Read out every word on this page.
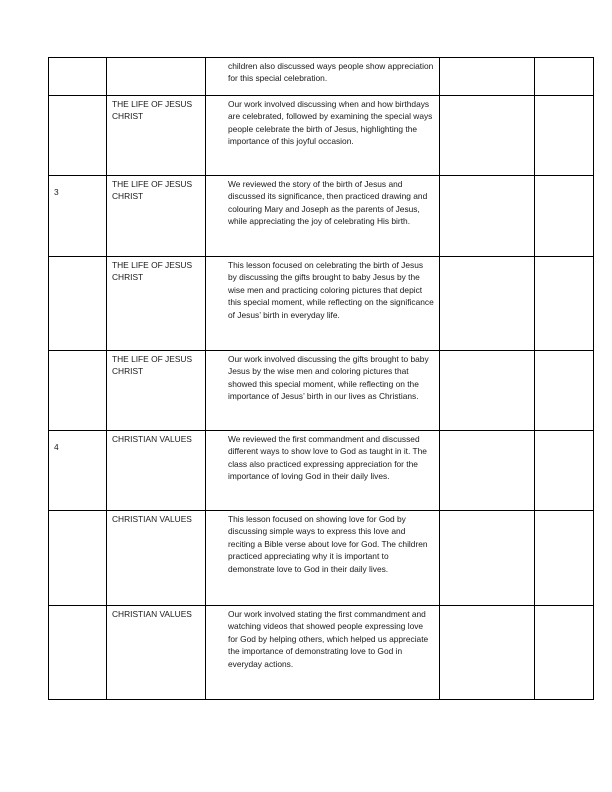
		children also discussed ways people show appreciation for this special celebration.		

	THE LIFE OF JESUS CHRIST	Our work involved discussing when and how birthdays are celebrated, followed by examining the special ways people celebrate the birth of Jesus, highlighting the importance of this joyful occasion.		

3	THE LIFE OF JESUS CHRIST	We reviewed the story of the birth of Jesus and discussed its significance, then practiced drawing and colouring Mary and Joseph as the parents of Jesus, while appreciating the joy of celebrating His birth.		

	THE LIFE OF JESUS CHRIST	This lesson focused on celebrating the birth of Jesus by discussing the gifts brought to baby Jesus by the wise men and practicing coloring pictures that depict this special moment, while reflecting on the significance of Jesus’ birth in everyday life.		

	THE LIFE OF JESUS CHRIST	Our work involved discussing the gifts brought to baby Jesus by the wise men and coloring pictures that showed this special moment, while reflecting on the importance of Jesus’ birth in our lives as Christians.		

4	CHRISTIAN VALUES	We reviewed the first commandment and discussed different ways to show love to God as taught in it. The class also practiced expressing appreciation for the importance of loving God in their daily lives.		

	CHRISTIAN VALUES	This lesson focused on showing love for God by discussing simple ways to express this love and reciting a Bible verse about love for God. The children practiced appreciating why it is important to demonstrate love to God in their daily lives.		

	CHRISTIAN VALUES	Our work involved stating the first commandment and watching videos that showed people expressing love for God by helping others, which helped us appreciate the importance of demonstrating love to God in everyday actions.		
